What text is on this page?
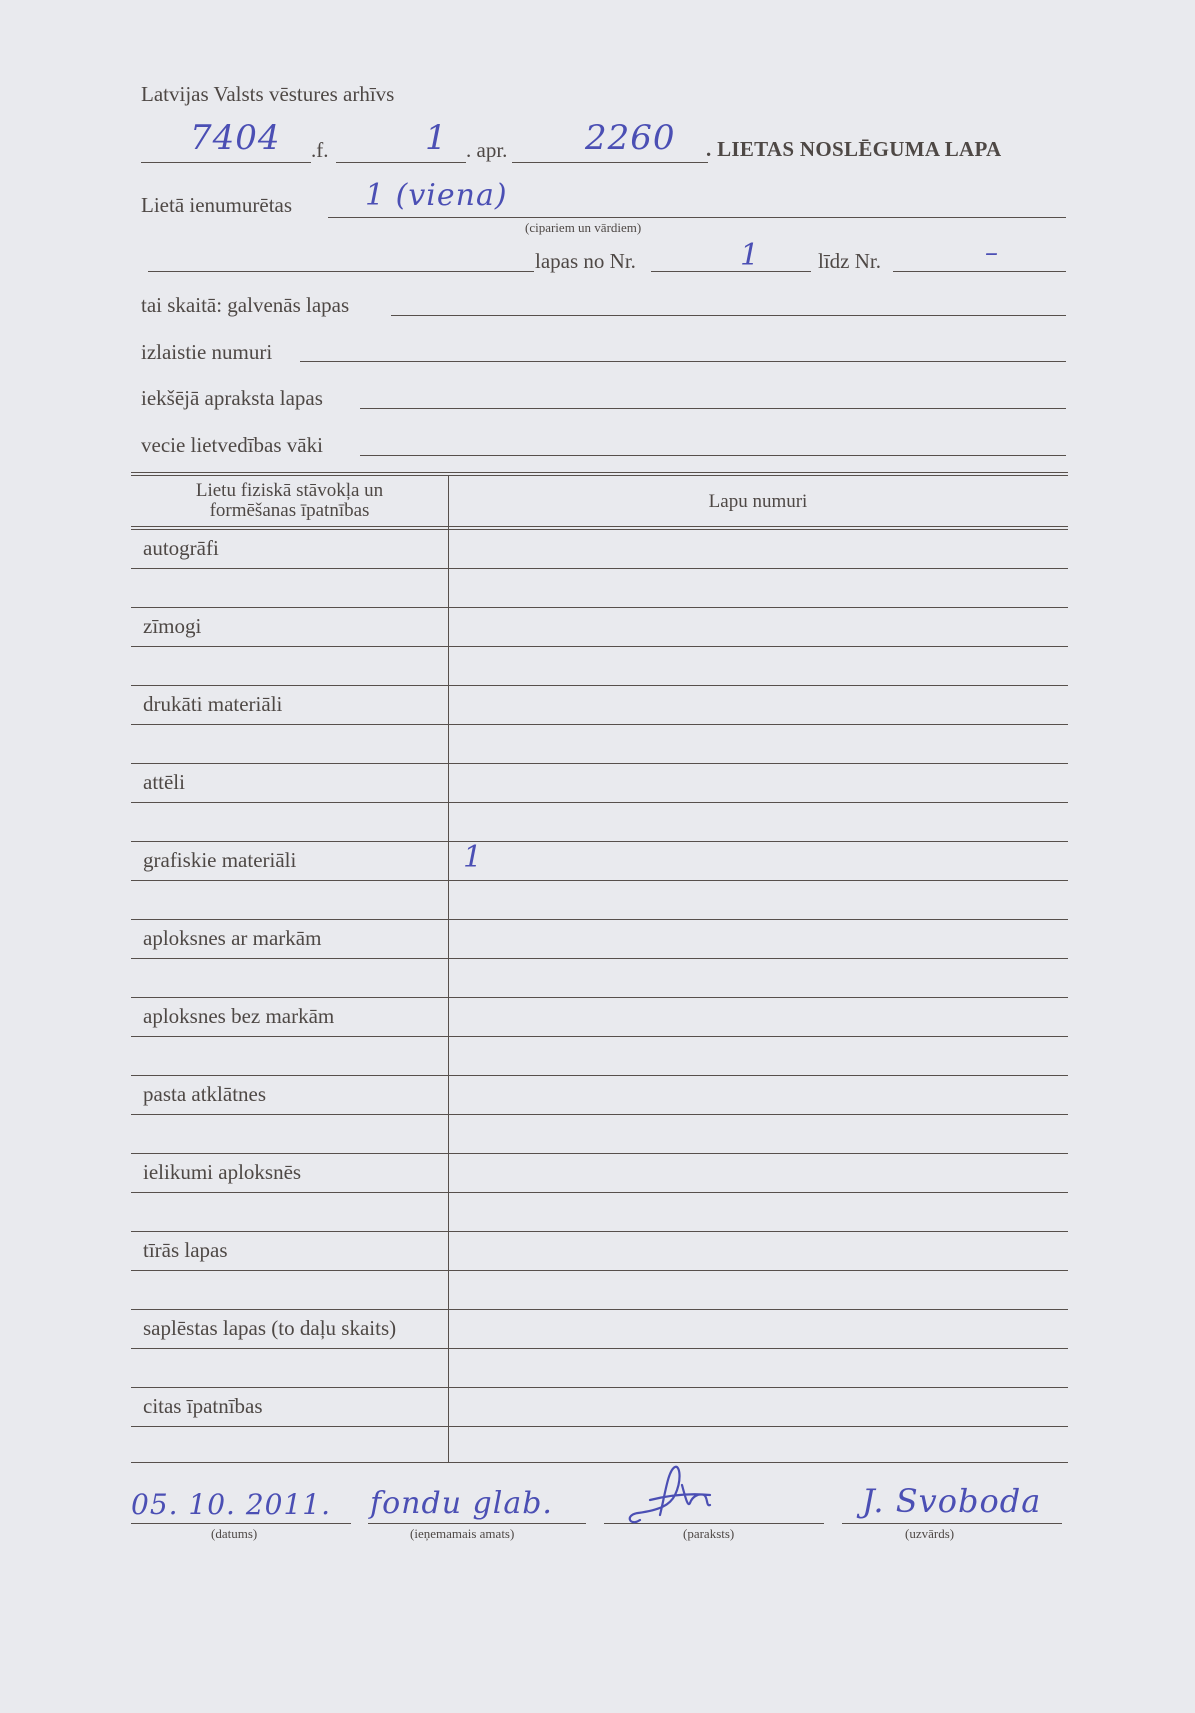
Latvijas Valsts vēstures arhīvs
7404 .f.	1 . apr. 2260 . LIETAS NOSLĒGUMA LAPA
Lietā ienumurētas 1 (viena)
(cipariem un vārdiem)
lapas no Nr.	1	līdz Nr.	–
tai skaitā: galvenās lapas
izlaistie numuri
iekšējā apraksta lapas
vecie lietvedības vāki
Lietu fiziskā stāvokļa un
formēšanas īpatnības	Lapu numuri
autogrāfi
zīmogi
drukāti materiāli
attēli
grafiskie materiāli	1
aploksnes ar markām
aploksnes bez markām
pasta atklātnes
ielikumi aploksnēs
tīrās lapas
saplēstas lapas (to daļu skaits)
citas īpatnības
05. 10. 2011.
(datums)
fondu glab.
(ieņemamais amats)	(paraksts)
J. Svoboda
(uzvārds)
